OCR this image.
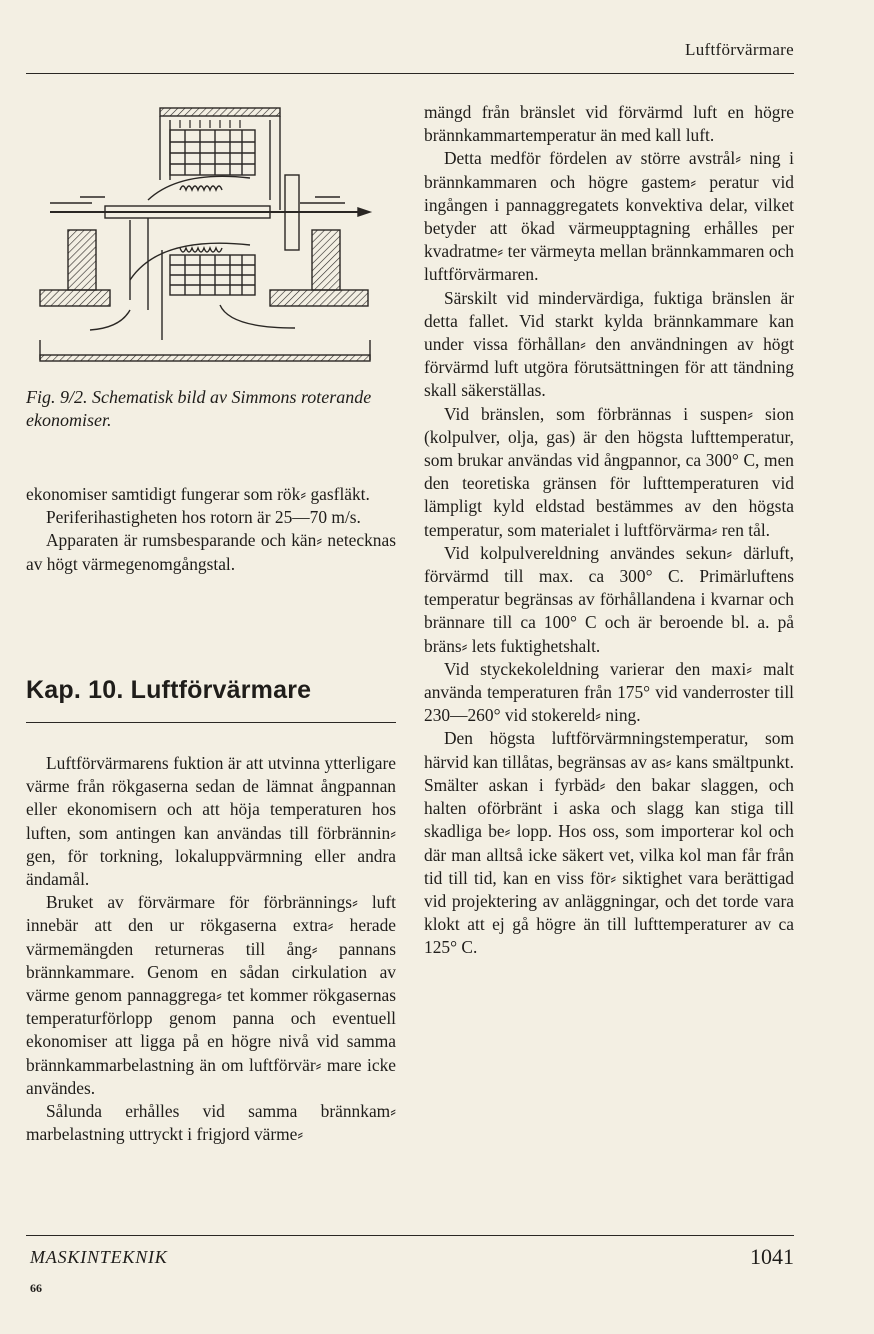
Luftförvärmare
Fig. 9/2. Schematisk bild av Simmons roterande ekonomiser.

ekonomiser samtidigt fungerar som rök⸗ gasfläkt.

Periferihastigheten hos rotorn är 25—70 m/s.

Apparaten är rumsbesparande och kän⸗ netecknas av högt värmegenomgångstal.

Kap. 10. Luftförvärmare

Luftförvärmarens fuktion är att utvinna ytterligare värme från rökgaserna sedan de lämnat ångpannan eller ekonomisern och att höja temperaturen hos luften, som antingen kan användas till förbrännin⸗ gen, för torkning, lokaluppvärmning eller andra ändamål.

Bruket av förvärmare för förbrännings⸗ luft innebär att den ur rökgaserna extra⸗ herade värmemängden returneras till ång⸗ pannans brännkammare. Genom en sådan cirkulation av värme genom pannaggrega⸗ tet kommer rökgasernas temperaturförlopp genom panna och eventuell ekonomiser att ligga på en högre nivå vid samma brännkammarbelastning än om luftförvär⸗ mare icke användes.

Sålunda erhålles vid samma brännkam⸗ marbelastning uttryckt i frigjord värme⸗

mängd från bränslet vid förvärmd luft en högre brännkammartemperatur än med kall luft.

Detta medför fördelen av större avstrål⸗ ning i brännkammaren och högre gastem⸗ peratur vid ingången i pannaggregatets konvektiva delar, vilket betyder att ökad värmeupptagning erhålles per kvadratme⸗ ter värmeyta mellan brännkammaren och luftförvärmaren.

Särskilt vid mindervärdiga, fuktiga bränslen är detta fallet. Vid starkt kylda brännkammare kan under vissa förhållan⸗ den användningen av högt förvärmd luft utgöra förutsättningen för att tändning skall säkerställas.

Vid bränslen, som förbrännas i suspen⸗ sion (kolpulver, olja, gas) är den högsta lufttemperatur, som brukar användas vid ångpannor, ca 300° C, men den teoretiska gränsen för lufttemperaturen vid lämpligt kyld eldstad bestämmes av den högsta temperatur, som materialet i luftförvärma⸗ ren tål.

Vid kolpulvereldning användes sekun⸗ därluft, förvärmd till max. ca 300° C. Primärluftens temperatur begränsas av förhållandena i kvarnar och brännare till ca 100° C och är beroende bl. a. på bräns⸗ lets fuktighetshalt.

Vid styckekoleldning varierar den maxi⸗ malt använda temperaturen från 175° vid vanderroster till 230—260° vid stokereld⸗ ning.

Den högsta luftförvärmningstemperatur, som härvid kan tillåtas, begränsas av as⸗ kans smältpunkt. Smälter askan i fyrbäd⸗ den bakar slaggen, och halten oförbränt i aska och slagg kan stiga till skadliga be⸗ lopp. Hos oss, som importerar kol och där man alltså icke säkert vet, vilka kol man får från tid till tid, kan en viss för⸗ siktighet vara berättigad vid projektering av anläggningar, och det torde vara klokt att ej gå högre än till lufttemperaturer av ca 125° C.

MASKINTEKNIK
66
1041
